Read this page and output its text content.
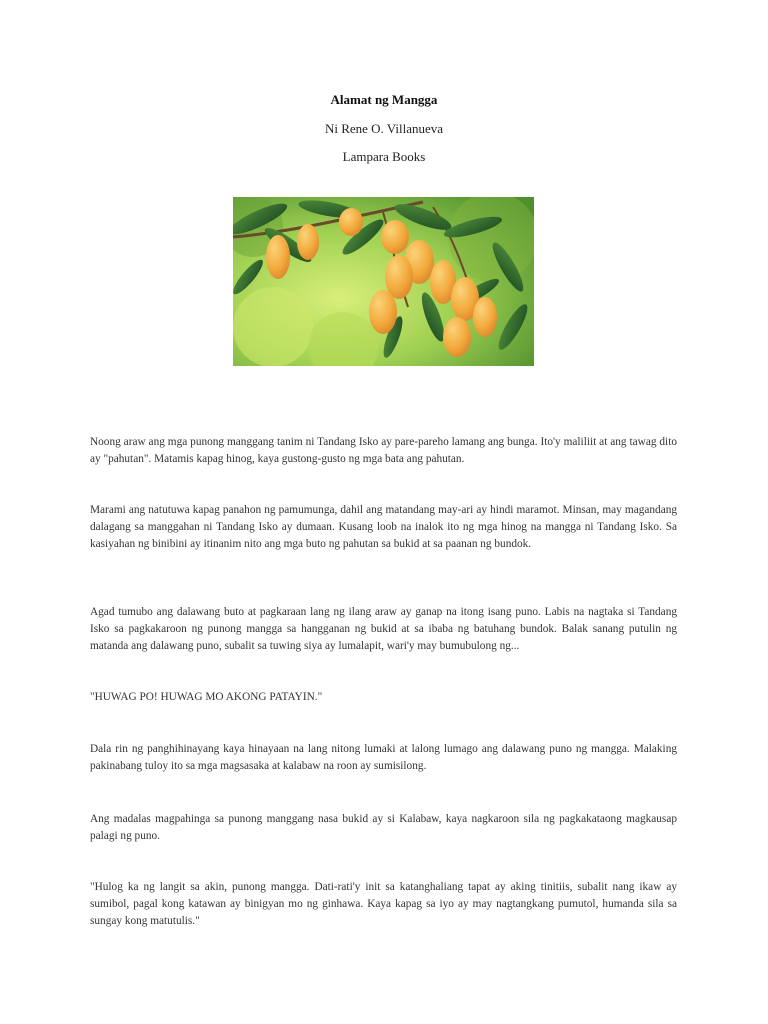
Alamat ng Mangga
Ni Rene O. Villanueva
Lampara Books

Noong araw ang mga punong manggang tanim ni Tandang Isko ay pare-pareho lamang ang bunga. Ito'y maliliit at ang tawag dito ay "pahutan". Matamis kapag hinog, kaya gustong-gusto ng mga bata ang pahutan.

Marami ang natutuwa kapag panahon ng pamumunga, dahil ang matandang may-ari ay hindi maramot. Minsan, may magandang dalagang sa manggahan ni Tandang Isko ay dumaan. Kusang loob na inalok ito ng mga hinog na mangga ni Tandang Isko. Sa kasiyahan ng binibini ay itinanim nito ang mga buto ng pahutan sa bukid at sa paanan ng bundok.

Agad tumubo ang dalawang buto at pagkaraan lang ng ilang araw ay ganap na itong isang puno. Labis na nagtaka si Tandang Isko sa pagkakaroon ng punong mangga sa hangganan ng bukid at sa ibaba ng batuhang bundok. Balak sanang putulin ng matanda ang dalawang puno, subalit sa tuwing siya ay lumalapit, wari'y may bumubulong ng...

"HUWAG PO! HUWAG MO AKONG PATAYIN."

Dala rin ng panghihinayang kaya hinayaan na lang nitong lumaki at lalong lumago ang dalawang puno ng mangga. Malaking pakinabang tuloy ito sa mga magsasaka at kalabaw na roon ay sumisilong.

Ang madalas magpahinga sa punong manggang nasa bukid ay si Kalabaw, kaya nagkaroon sila ng pagkakataong magkausap palagi ng puno.

"Hulog ka ng langit sa akin, punong mangga. Dati-rati'y init sa katanghaliang tapat ay aking tinitiis, subalit nang ikaw ay sumibol, pagal kong katawan ay binigyan mo ng ginhawa. Kaya kapag sa iyo ay may nagtangkang pumutol, humanda sila sa sungay kong matutulis."
